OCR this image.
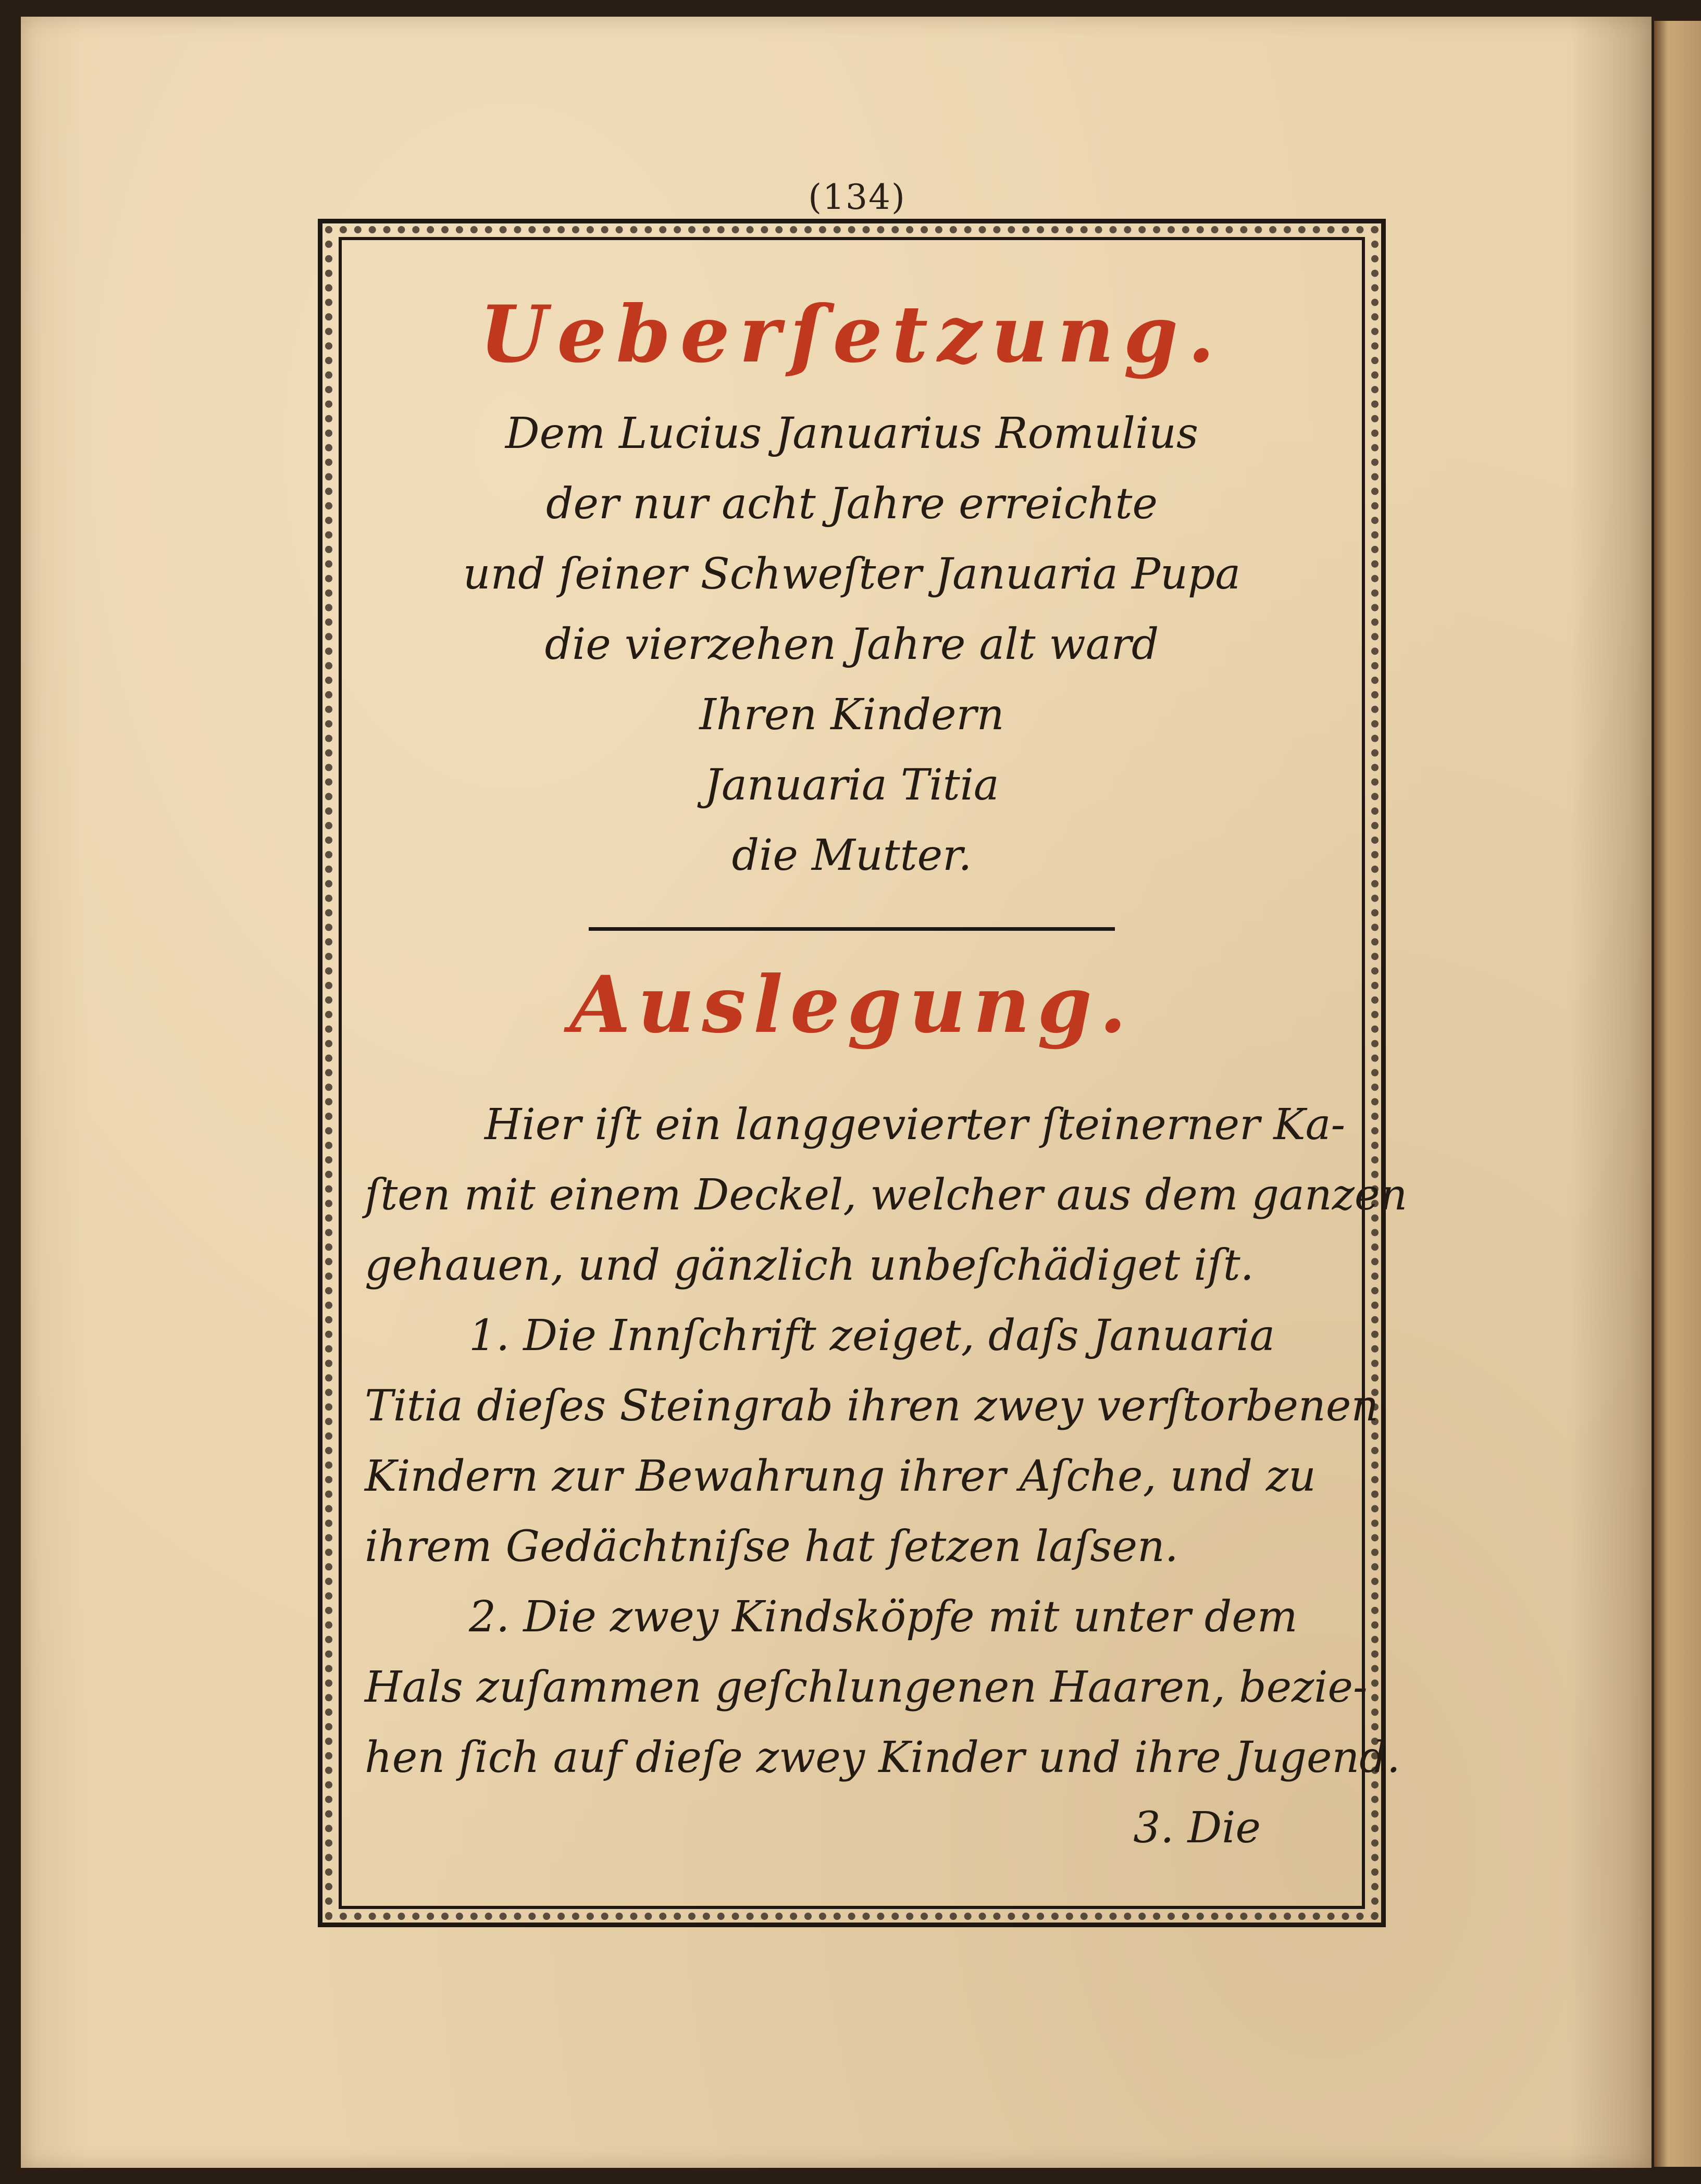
(134)
Ueberſetzung.
Dem Lucius Januarius Romulius
der nur acht Jahre erreichte
und ſeiner Schweſter Januaria Pupa
die vierzehen Jahre alt ward
Ihren Kindern
Januaria Titia
die Mutter.
Auslegung.

Hier iſt ein langgevierter ſteinerner Ka-
ſten mit einem Deckel, welcher aus dem ganzen
gehauen, und gänzlich unbeſchädiget iſt.

1. Die Innſchrift zeiget, daſs Januaria
Titia dieſes Steingrab ihren zwey verſtorbenen
Kindern zur Bewahrung ihrer Aſche, und zu
ihrem Gedächtniſse hat ſetzen laſsen.

2. Die zwey Kindsköpfe mit unter dem
Hals zuſammen geſchlungenen Haaren, bezie-
hen ſich auf dieſe zwey Kinder und ihre Jugend.

3. Die
